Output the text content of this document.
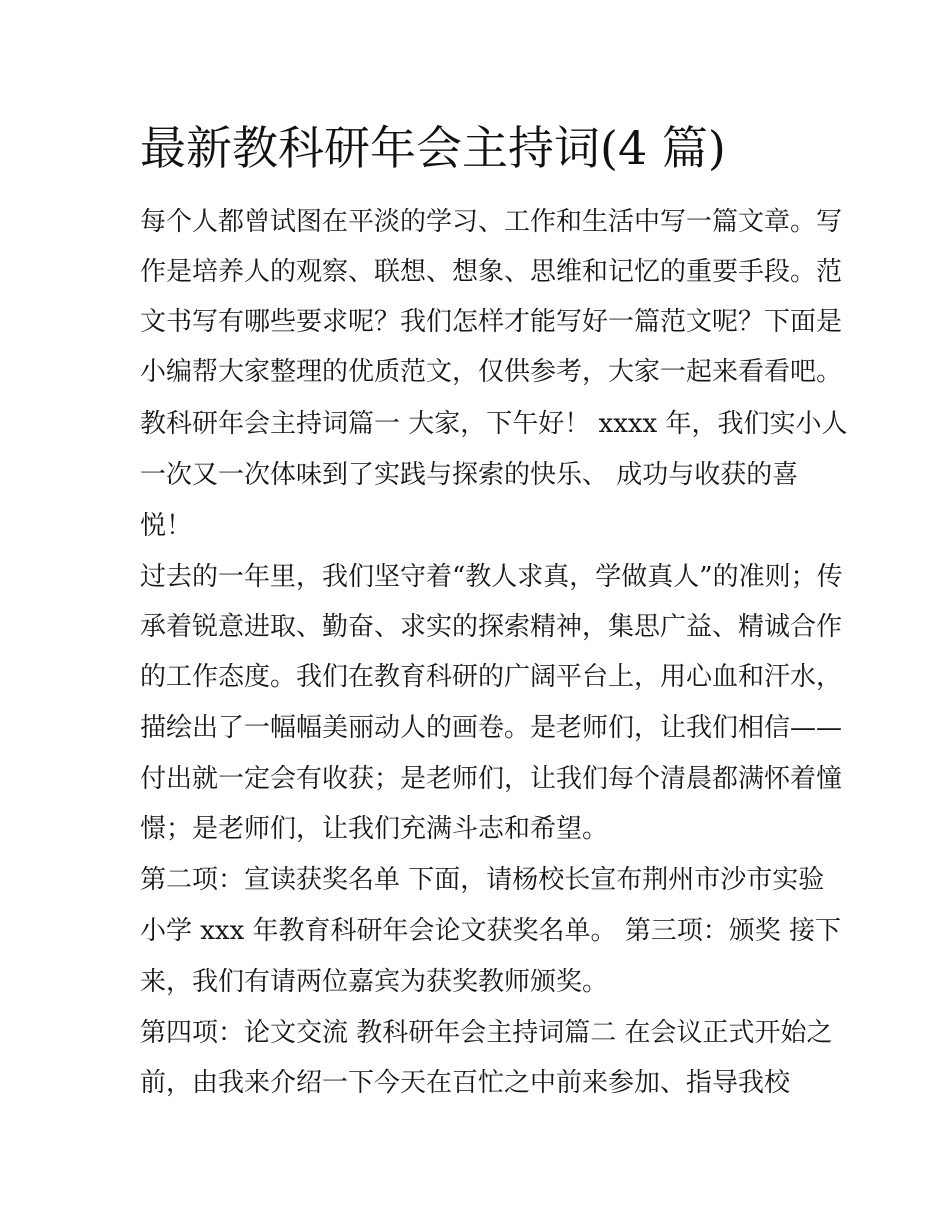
最新教科研年会主持词(4 篇)
每个人都曾试图在平淡的学习、工作和生活中写一篇文章。写
作是培养人的观察、联想、想象、思维和记忆的重要手段。范
文书写有哪些要求呢？我们怎样才能写好一篇范文呢？下面是
小编帮大家整理的优质范文，仅供参考，大家一起来看看吧。
教科研年会主持词篇一 大家，下午好！ xxxx 年，我们实小人
一次又一次体味到了实践与探索的快乐、 成功与收获的喜
悦！
过去的一年里，我们坚守着“教人求真，学做真人”的准则；传
承着锐意进取、勤奋、求实的探索精神，集思广益、精诚合作
的工作态度。我们在教育科研的广阔平台上，用心血和汗水，
描绘出了一幅幅美丽动人的画卷。是老师们，让我们相信——
付出就一定会有收获；是老师们，让我们每个清晨都满怀着憧
憬；是老师们，让我们充满斗志和希望。
第二项：宣读获奖名单 下面，请杨校长宣布荆州市沙市实验
小学 xxx 年教育科研年会论文获奖名单。 第三项：颁奖 接下
来，我们有请两位嘉宾为获奖教师颁奖。
第四项：论文交流 教科研年会主持词篇二 在会议正式开始之
前，由我来介绍一下今天在百忙之中前来参加、指导我校
